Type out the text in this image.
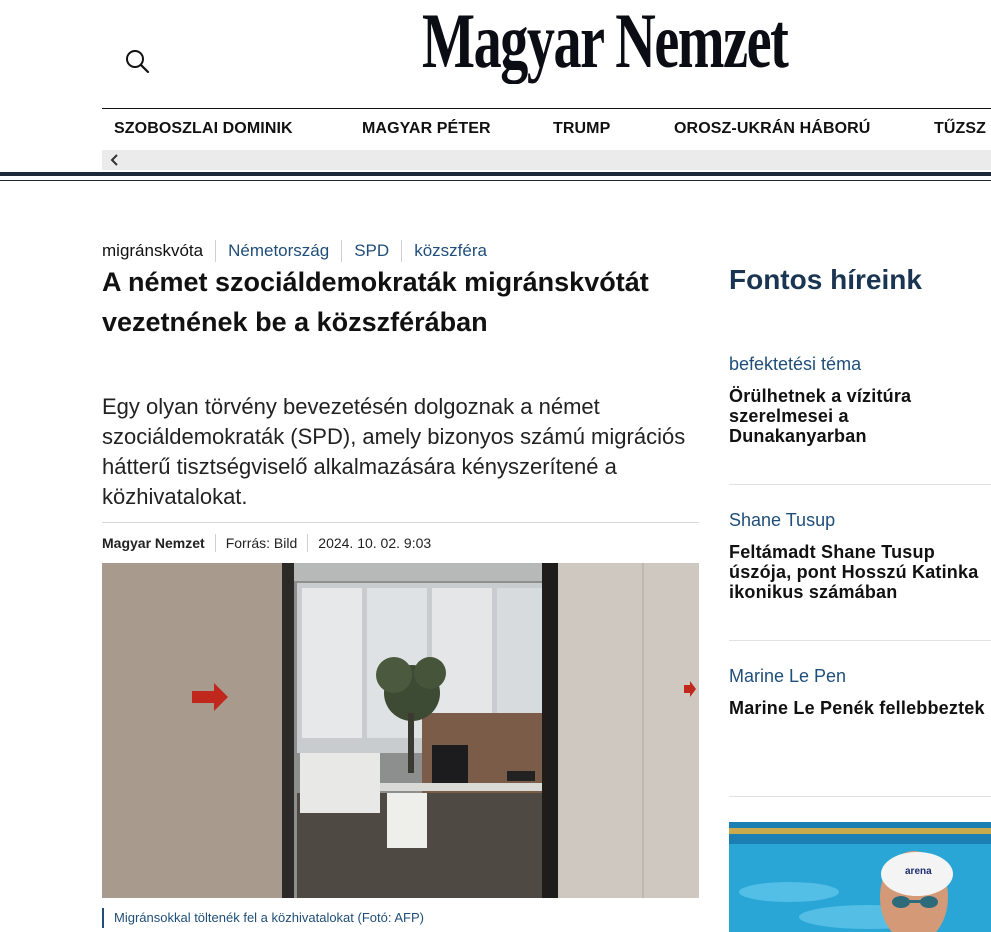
Magyar Nemzet
SZOBOSZLAI DOMINIK	MAGYAR PÉTER	TRUMP	OROSZ-UKRÁN HÁBORÚ	TŰZSZ
migránskvóta	Németország	SPD	közszféra
A német szociáldemokraták migránskvótát vezetnének be a közszférában

Egy olyan törvény bevezetésén dolgoznak a német szociáldemokraták (SPD), amely bizonyos számú migrációs hátterű tisztségviselő alkalmazására kényszerítené a közhivatalokat.

Magyar Nemzet	Forrás: Bild	2024. 10. 02. 9:03
Migránsokkal töltenék fel a közhivatalokat (Fotó: AFP)
Fontos híreink
befektetési téma
Örülhetnek a vízitúra szerelmesei a Dunakanyarban
Shane Tusup
Feltámadt Shane Tusup úszója, pont Hosszú Katinka ikonikus számában
Marine Le Pen
Marine Le Penék fellebbeztek
arena
